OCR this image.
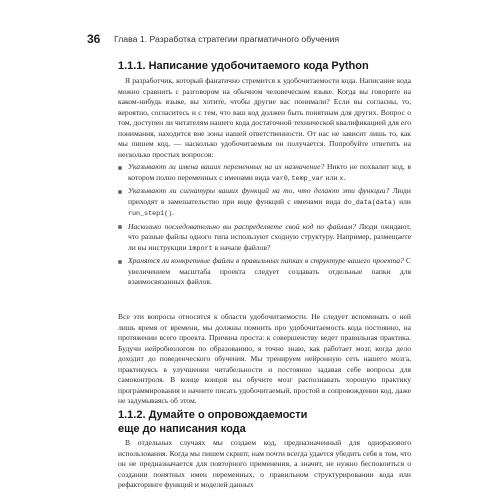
36 Глава 1. Разработка стратегии прагматичного обучения
1.1.1. Написание удобочитаемого кода Python

Я разработчик, который фанатично стремится к удобочитаемости кода. Написание кода можно сравнить с разговором на обычном человеческом языке. Когда вы говорите на каком-нибудь языке, вы хотите, чтобы другие вас понимали? Если вы согласны, то, вероятно, согласитесь и с тем, что ваш код должен быть понятным для других. Вопрос о том, доступен ли читателям нашего кода достаточной технической квалификацией для его понимания, находится вне зоны нашей ответственности. От нас не зависит лишь то, как мы пишем код, — насколько удобочитаемым он получается. Попробуйте ответить на несколько простых вопросов:

Указывают ли имена ваших переменных на их назначение? Никто не похвалит код, в котором полно переменных с именами вида var0, temp_var или x.
Указывают ли сигнатуры ваших функций на то, что делают эти функции? Люди приходят в замешательство при виде функций с именами вида do_data(data) или run_step1().
Насколько последовательно вы распределяете свой код по файлам? Люди ожидают, что разные файлы одного типа используют сходную структуру. Например, размещаете ли вы инструкции import в начале файлов?
Хранятся ли конкретные файлы в правильных папках в структуре вашего проекта? С увеличением масштаба проекта следует создавать отдельные папки для взаимосвязанных файлов.

Все эти вопросы относятся к области удобочитаемости. Не следует вспоминать о ней лишь время от времени, мы должны помнить про удобочитаемость кода постоянно, на протяжении всего проекта. Причина проста: к совершенству ведет правильная практика. Будучи нейробиологом по образованию, я точно знаю, как работает мозг, когда дело доходит до поведенческого обучения. Мы тренируем нейронную сеть нашего мозга, практикуясь в улучшении читабельности и постоянно задавая себе вопросы для самоконтроля. В конце концов вы обучите мозг распознавать хорошую практику программирования и начнете писать удобочитаемый, простой в сопровождении код, даже не задумываясь об этом.

1.1.2. Думайте о опровождаемости
еще до написания кода

В отдельных случаях мы создаем код, предназначенный для одноразового использования. Когда мы пишем скрипт, нам почти всегда удается убедить себя в том, что он не предназначается для повторного применения, а значит, не нужно беспокоиться о создании понятных имен переменных, о правильном структурировании кода или рефакторинге функций и моделей данных
